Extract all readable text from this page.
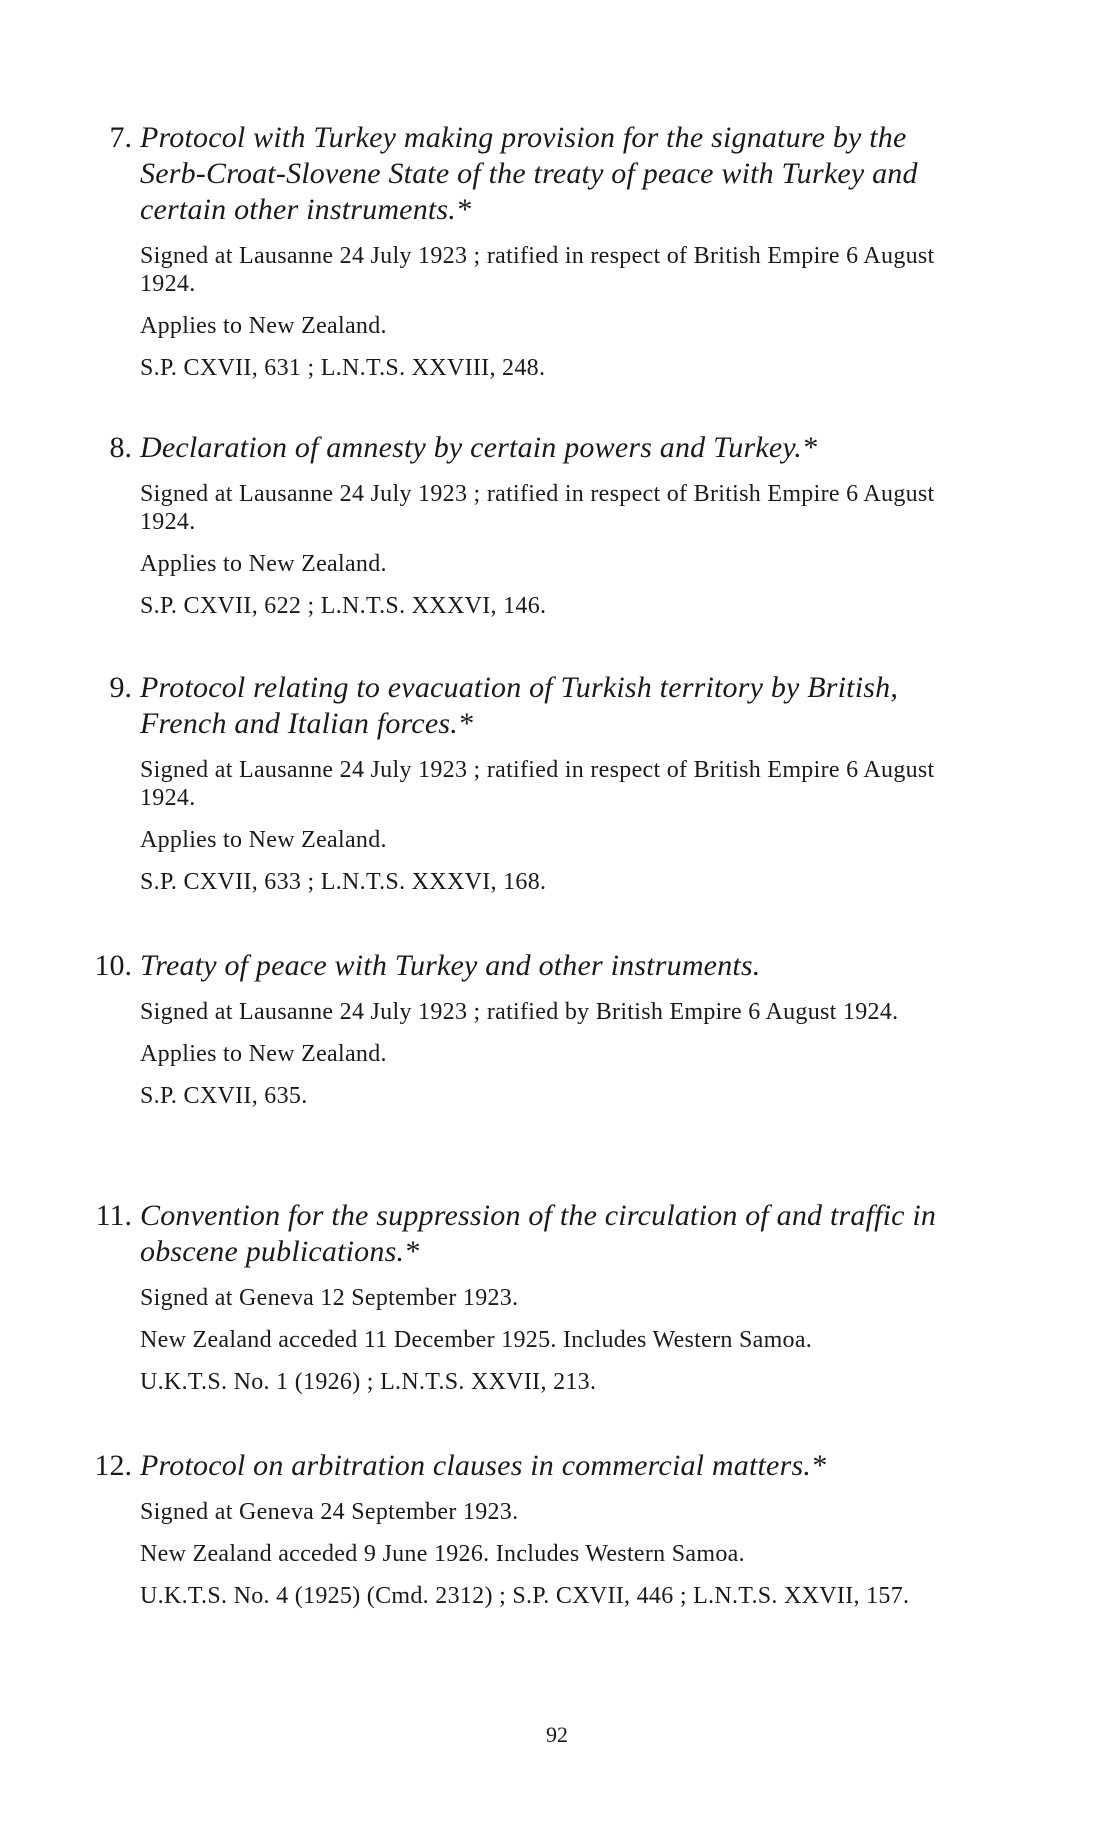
7. Protocol with Turkey making provision for the signature by the Serb-Croat-Slovene State of the treaty of peace with Turkey and certain other instruments.*

Signed at Lausanne 24 July 1923 ; ratified in respect of British Empire 6 August 1924.

Applies to New Zealand.

S.P. CXVII, 631 ; L.N.T.S. XXVIII, 248.

8. Declaration of amnesty by certain powers and Turkey.*

Signed at Lausanne 24 July 1923 ; ratified in respect of British Empire 6 August 1924.

Applies to New Zealand.

S.P. CXVII, 622 ; L.N.T.S. XXXVI, 146.

9. Protocol relating to evacuation of Turkish territory by British, French and Italian forces.*

Signed at Lausanne 24 July 1923 ; ratified in respect of British Empire 6 August 1924.

Applies to New Zealand.

S.P. CXVII, 633 ; L.N.T.S. XXXVI, 168.

10. Treaty of peace with Turkey and other instruments.

Signed at Lausanne 24 July 1923 ; ratified by British Empire 6 August 1924.

Applies to New Zealand.

S.P. CXVII, 635.

11. Convention for the suppression of the circulation of and traffic in obscene publications.*

Signed at Geneva 12 September 1923.

New Zealand acceded 11 December 1925. Includes Western Samoa.

U.K.T.S. No. 1 (1926) ; L.N.T.S. XXVII, 213.

12. Protocol on arbitration clauses in commercial matters.*

Signed at Geneva 24 September 1923.

New Zealand acceded 9 June 1926. Includes Western Samoa.

U.K.T.S. No. 4 (1925) (Cmd. 2312) ; S.P. CXVII, 446 ; L.N.T.S. XXVII, 157.

92
